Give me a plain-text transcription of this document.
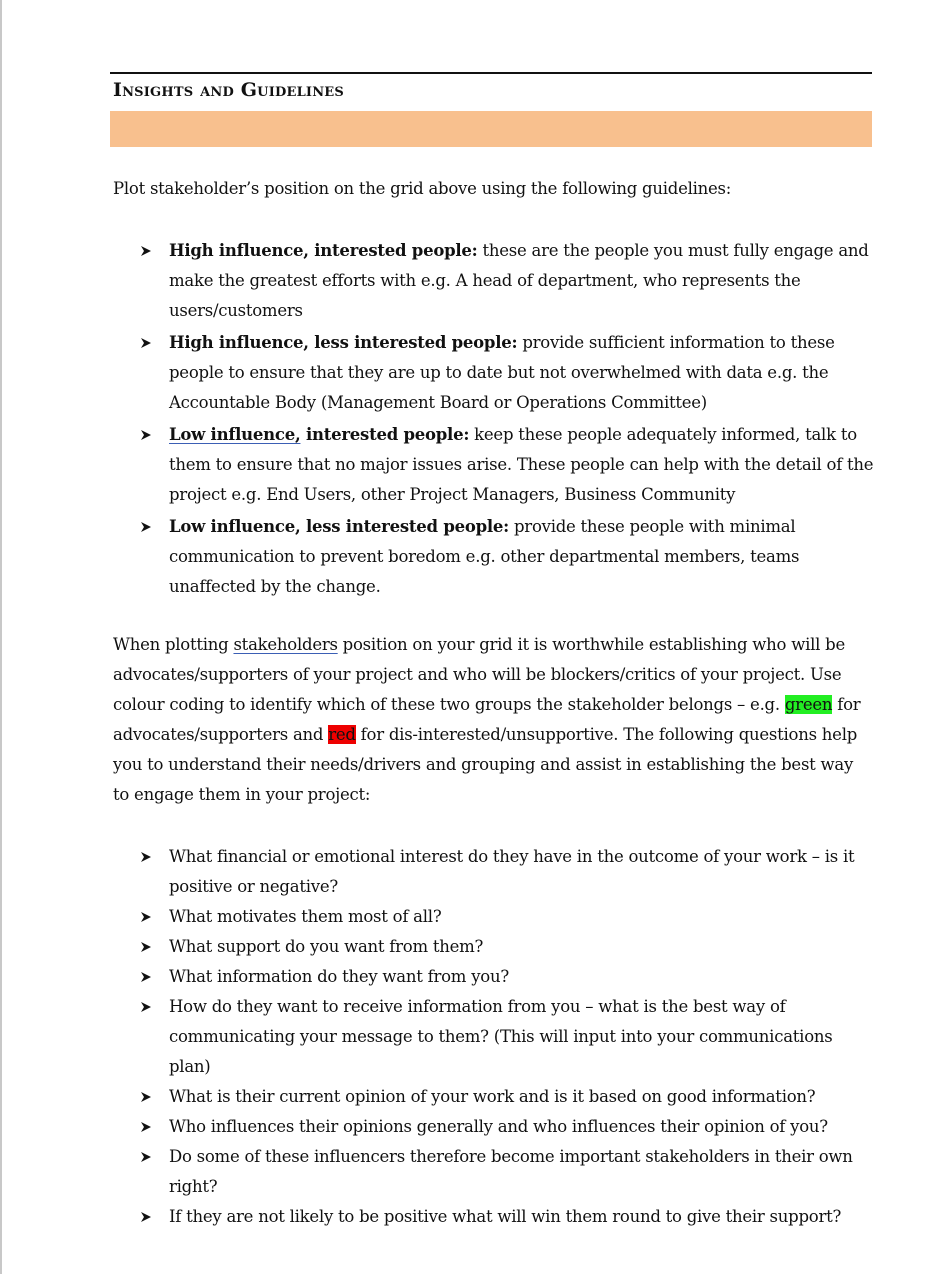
Insights and Guidelines
Plot stakeholder’s position on the grid above using the following guidelines:
High influence, interested people: these are the people you must fully engage and make the greatest efforts with e.g. A head of department, who represents the users/customers
High influence, less interested people: provide sufficient information to these people to ensure that they are up to date but not overwhelmed with data e.g. the Accountable Body (Management Board or Operations Committee)
Low influence, interested people: keep these people adequately informed, talk to them to ensure that no major issues arise. These people can help with the detail of the project e.g. End Users, other Project Managers, Business Community
Low influence, less interested people: provide these people with minimal communication to prevent boredom e.g. other departmental members, teams unaffected by the change.
When plotting stakeholders position on your grid it is worthwhile establishing who will be advocates/supporters of your project and who will be blockers/critics of your project. Use colour coding to identify which of these two groups the stakeholder belongs – e.g. green for advocates/supporters and red for dis-interested/unsupportive. The following questions help you to understand their needs/drivers and grouping and assist in establishing the best way to engage them in your project:
What financial or emotional interest do they have in the outcome of your work – is it positive or negative?
What motivates them most of all?
What support do you want from them?
What information do they want from you?
How do they want to receive information from you – what is the best way of communicating your message to them? (This will input into your communications plan)
What is their current opinion of your work and is it based on good information?
Who influences their opinions generally and who influences their opinion of you?
Do some of these influencers therefore become important stakeholders in their own right?
If they are not likely to be positive what will win them round to give their support?
